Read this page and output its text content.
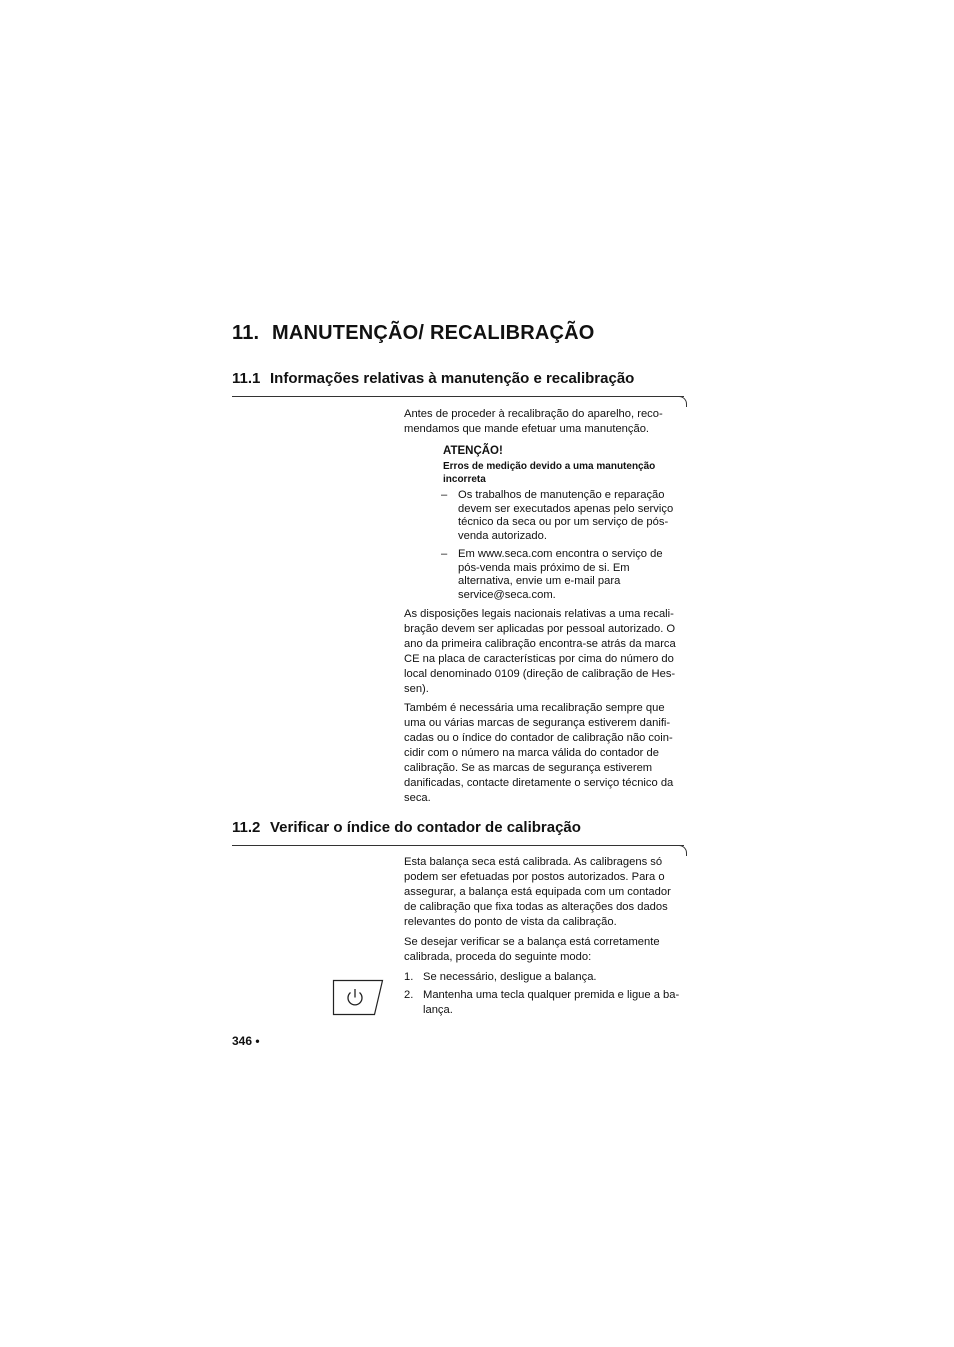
11. MANUTENÇÃO/ RECALIBRAÇÃO
11.1 Informações relativas à manutenção e recalibração
Antes de proceder à recalibração do aparelho, reco-
mendamos que mande efetuar uma manutenção.
ATENÇÃO!
Erros de medição devido a uma manutenção
incorreta
– Os trabalhos de manutenção e reparação
devem ser executados apenas pelo serviço
técnico da seca ou por um serviço de pós-
venda autorizado.
– Em www.seca.com encontra o serviço de
pós-venda mais próximo de si. Em
alternativa, envie um e-mail para
service@seca.com.
As disposições legais nacionais relativas a uma recali-
bração devem ser aplicadas por pessoal autorizado. O
ano da primeira calibração encontra-se atrás da marca
CE na placa de características por cima do número do
local denominado 0109 (direção de calibração de Hes-
sen).
Também é necessária uma recalibração sempre que
uma ou várias marcas de segurança estiverem danifi-
cadas ou o índice do contador de calibração não coin-
cidir com o número na marca válida do contador de
calibração. Se as marcas de segurança estiverem
danificadas, contacte diretamente o serviço técnico da
seca.
11.2 Verificar o índice do contador de calibração
Esta balança seca está calibrada. As calibragens só
podem ser efetuadas por postos autorizados. Para o
assegurar, a balança está equipada com um contador
de calibração que fixa todas as alterações dos dados
relevantes do ponto de vista da calibração.
Se desejar verificar se a balança está corretamente
calibrada, proceda do seguinte modo:
1. Se necessário, desligue a balança.
2. Mantenha uma tecla qualquer premida e ligue a ba-
lança.
346 •
